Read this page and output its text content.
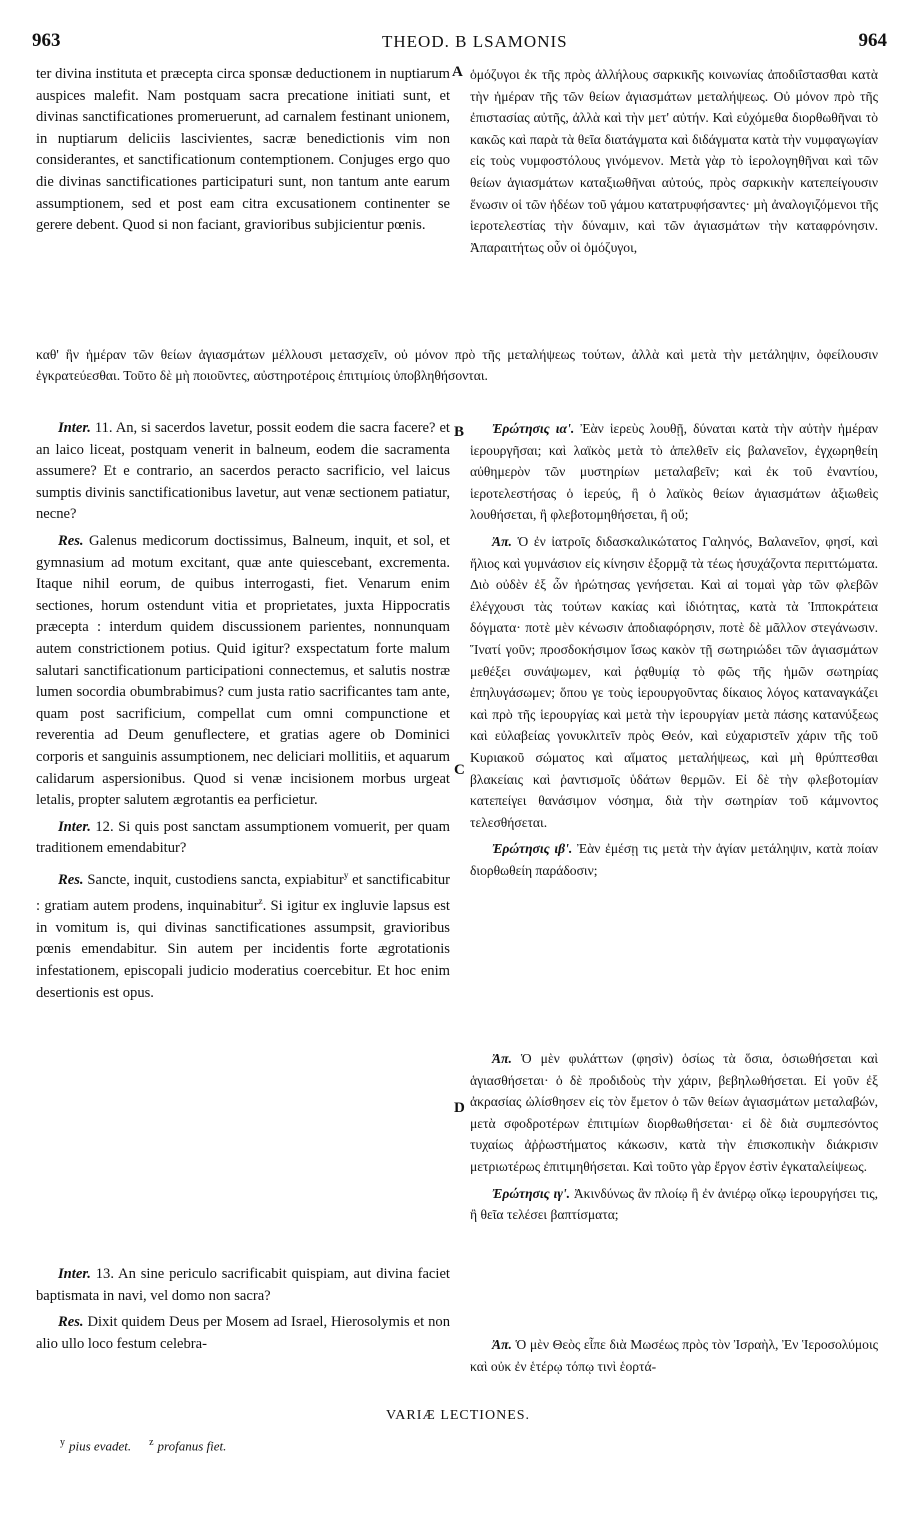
963	THEOD. B LSAMONIS	964
A
B
C
D

ter divina instituta et præcepta circa sponsæ deductionem in nuptiarum auspices malefit. Nam postquam sacra precatione initiati sunt, et divinas sanctificationes promeruerunt, ad carnalem festinant unionem, in nuptiarum deliciis lascivientes, sacræ benedictionis vim non considerantes, et sanctificationum contemptionem. Conjuges ergo quo die divinas sanctificationes participaturi sunt, non tantum ante earum assumptionem, sed et post eam citra excusationem continenter se gerere debent. Quod si non faciant, gravioribus subjicientur pœnis.

ὁμόζυγοι ἐκ τῆς πρὸς ἀλλήλους σαρκικῆς κοινωνίας ἀποδιΐστασθαι κατὰ τὴν ἡμέραν τῆς τῶν θείων ἁγιασμάτων μεταλήψεως. Οὐ μόνον πρὸ τῆς ἐπιστασίας αὐτῆς, ἀλλὰ καὶ τὴν μετ' αὐτήν. Καὶ εὐχόμεθα διορθωθῆναι τὸ κακῶς καὶ παρὰ τὰ θεῖα διατάγματα καὶ διδάγματα κατὰ τὴν νυμφαγωγίαν εἰς τοὺς νυμφοστόλους γινόμενον. Μετὰ γὰρ τὸ ἱερολογηθῆναι καὶ τῶν θείων ἁγιασμάτων καταξιωθῆναι αὐτούς, πρὸς σαρκικὴν κατεπείγουσιν ἕνωσιν οἱ τῶν ἡδέων τοῦ γάμου κατατρυφήσαντες· μὴ ἀναλογιζόμενοι τῆς ἱεροτελεστίας τὴν δύναμιν, καὶ τῶν ἁγιασμάτων τὴν καταφρόνησιν. Ἀπαραιτήτως οὖν οἱ ὁμόζυγοι,

καθ' ἣν ἡμέραν τῶν θείων ἁγιασμάτων μέλλουσι μετασχεῖν, οὐ μόνον πρὸ τῆς μεταλήψεως τούτων, ἀλλὰ καὶ μετὰ τὴν μετάληψιν, ὀφείλουσιν ἐγκρατεύεσθαι. Τοῦτο δὲ μὴ ποιοῦντες, αὐστηροτέροις ἐπιτιμίοις ὑποβληθήσονται.

Inter. 11. An, si sacerdos lavetur, possit eodem die sacra facere? et an laico liceat, postquam venerit in balneum, eodem die sacramenta assumere? Et e contrario, an sacerdos peracto sacrificio, vel laicus sumptis divinis sanctificationibus lavetur, aut venæ sectionem patiatur, necne?

Res. Galenus medicorum doctissimus, Balneum, inquit, et sol, et gymnasium ad motum excitant, quæ ante quiescebant, excrementa. Itaque nihil eorum, de quibus interrogasti, fiet. Venarum enim sectiones, horum ostendunt vitia et proprietates, juxta Hippocratis præcepta : interdum quidem discussionem parientes, nonnunquam autem constrictionem potius. Quid igitur? exspectatum forte malum salutari sanctificationum participationi connectemus, et salutis nostræ lumen socordia obumbrabimus? cum justa ratio sacrificantes tam ante, quam post sacrificium, compellat cum omni compunctione et reverentia ad Deum genuflectere, et gratias agere ob Dominici corporis et sanguinis assumptionem, nec deliciari mollitiis, et aquarum calidarum aspersionibus. Quod si venæ incisionem morbus urgeat letalis, propter salutem ægrotantis ea perficietur.

Inter. 12. Si quis post sanctam assumptionem vomuerit, per quam traditionem emendabitur?

Res. Sancte, inquit, custodiens sancta, expiabitur$^y$ et sanctificabitur : gratiam autem prodens, inquinabitur$^z$. Si igitur ex ingluvie lapsus est in vomitum is, qui divinas sanctificationes assumpsit, gravioribus pœnis emendabitur. Sin autem per incidentis forte ægrotationis infestationem, episcopali judicio moderatius coercebitur. Et hoc enim desertionis est opus.

Inter. 13. An sine periculo sacrificabit quispiam, aut divina faciet baptismata in navi, vel domo non sacra?

Res. Dixit quidem Deus per Mosem ad Israel, Hierosolymis et non alio ullo loco festum celebra-

Ἐρώτησις ια'. Ἐὰν ἱερεὺς λουθῇ, δύναται κατὰ τὴν αὐτὴν ἡμέραν ἱερουργῆσαι; καὶ λαϊκὸς μετὰ τὸ ἀπελθεῖν εἰς βαλανεῖον, ἐγχωρηθείη αὐθημερὸν τῶν μυστηρίων μεταλαβεῖν; καὶ ἐκ τοῦ ἐναντίου, ἱεροτελεστήσας ὁ ἱερεύς, ἢ ὁ λαϊκὸς θείων ἁγιασμάτων ἀξιωθεὶς λουθήσεται, ἢ φλεβοτομηθήσεται, ἢ οὔ;

Ἀπ. Ὁ ἐν ἰατροῖς διδασκαλικώτατος Γαληνός, Βαλανεῖον, φησί, καὶ ἥλιος καὶ γυμνάσιον εἰς κίνησιν ἐξορμᾷ τὰ τέως ἡσυχάζοντα περιττώματα. Διὸ οὐδὲν ἐξ ὧν ἠρώτησας γενήσεται. Καὶ αἱ τομαὶ γὰρ τῶν φλεβῶν ἐλέγχουσι τὰς τούτων κακίας καὶ ἰδιότητας, κατὰ τὰ Ἱπποκράτεια δόγματα· ποτὲ μὲν κένωσιν ἀποδιαφόρησιν, ποτὲ δὲ μᾶλλον στεγάνωσιν. Ἵνατί γοῦν; προσδοκήσιμον ἴσως κακὸν τῇ σωτηριώδει τῶν ἁγιασμάτων μεθέξει συνάψωμεν, καὶ ῥᾳθυμίᾳ τὸ φῶς τῆς ἡμῶν σωτηρίας ἐπηλυγάσωμεν; ὅπου γε τοὺς ἱερουργοῦντας δίκαιος λόγος καταναγκάζει καὶ πρὸ τῆς ἱερουργίας καὶ μετὰ τὴν ἱερουργίαν μετὰ πάσης κατανύξεως καὶ εὐλαβείας γονυκλιτεῖν πρὸς Θεόν, καὶ εὐχαριστεῖν χάριν τῆς τοῦ Κυριακοῦ σώματος καὶ αἵματος μεταλήψεως, καὶ μὴ θρύπτεσθαι βλακείαις καὶ ῥαντισμοῖς ὑδάτων θερμῶν. Εἰ δὲ τὴν φλεβοτομίαν κατεπείγει θανάσιμον νόσημα, διὰ τὴν σωτηρίαν τοῦ κάμνοντος τελεσθήσεται.

Ἐρώτησις ιβ'. Ἐὰν ἐμέσῃ τις μετὰ τὴν ἁγίαν μετάληψιν, κατὰ ποίαν διορθωθείη παράδοσιν;

Ἀπ. Ὁ μὲν φυλάττων (φησὶν) ὁσίως τὰ ὅσια, ὁσιωθήσεται καὶ ἁγιασθήσεται· ὁ δὲ προδιδοὺς τὴν χάριν, βεβηλωθήσεται. Εἰ γοῦν ἐξ ἀκρασίας ὠλίσθησεν εἰς τὸν ἔμετον ὁ τῶν θείων ἁγιασμάτων μεταλαβών, μετὰ σφοδροτέρων ἐπιτιμίων διορθωθήσεται· εἰ δὲ διὰ συμπεσόντος τυχαίως ἀῤῥωστήματος κάκωσιν, κατὰ τὴν ἐπισκοπικὴν διάκρισιν μετριωτέρως ἐπιτιμηθήσεται. Καὶ τοῦτο γὰρ ἔργον ἐστὶν ἐγκαταλείψεως.

Ἐρώτησις ιγ'. Ἀκινδύνως ἂν πλοίῳ ἢ ἐν ἀνιέρῳ οἴκῳ ἱερουργήσει τις, ἢ θεῖα τελέσει βαπτίσματα;

Ἀπ. Ὁ μὲν Θεὸς εἶπε διὰ Μωσέως πρὸς τὸν Ἰσραὴλ, Ἐν Ἱεροσολύμοις καὶ οὐκ ἐν ἑτέρῳ τόπῳ τινὶ ἑορτά-

VARIÆ LECTIONES.
$^y$ pius evadet. $^z$ profanus fiet.
